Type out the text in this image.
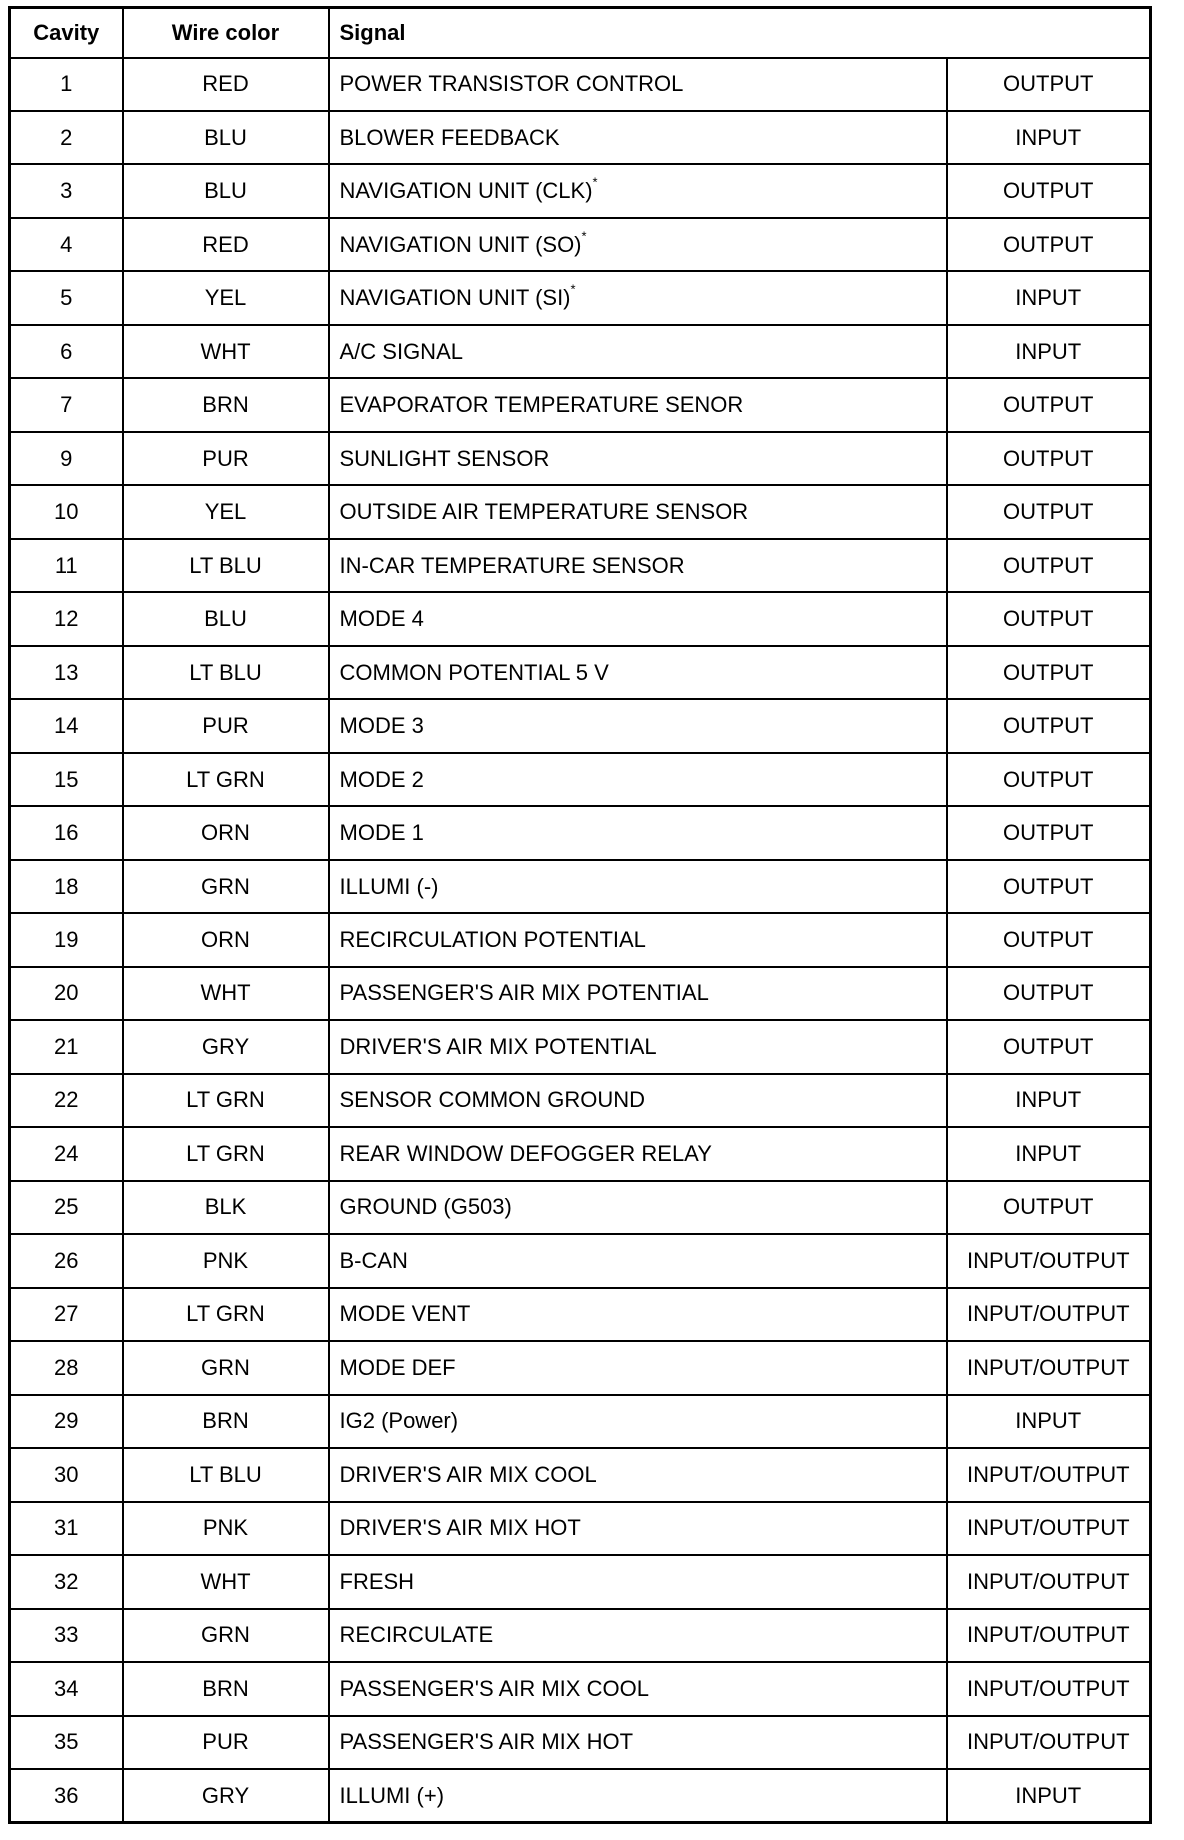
Cavity	Wire color	Signal	
1	RED	POWER TRANSISTOR CONTROL	OUTPUT
2	BLU	BLOWER FEEDBACK	INPUT
3	BLU	NAVIGATION UNIT (CLK)*	OUTPUT
4	RED	NAVIGATION UNIT (SO)*	OUTPUT
5	YEL	NAVIGATION UNIT (SI)*	INPUT
6	WHT	A/C SIGNAL	INPUT
7	BRN	EVAPORATOR TEMPERATURE SENOR	OUTPUT
9	PUR	SUNLIGHT SENSOR	OUTPUT
10	YEL	OUTSIDE AIR TEMPERATURE SENSOR	OUTPUT
11	LT BLU	IN-CAR TEMPERATURE SENSOR	OUTPUT
12	BLU	MODE 4	OUTPUT
13	LT BLU	COMMON POTENTIAL 5 V	OUTPUT
14	PUR	MODE 3	OUTPUT
15	LT GRN	MODE 2	OUTPUT
16	ORN	MODE 1	OUTPUT
18	GRN	ILLUMI (-)	OUTPUT
19	ORN	RECIRCULATION POTENTIAL	OUTPUT
20	WHT	PASSENGER'S AIR MIX POTENTIAL	OUTPUT
21	GRY	DRIVER'S AIR MIX POTENTIAL	OUTPUT
22	LT GRN	SENSOR COMMON GROUND	INPUT
24	LT GRN	REAR WINDOW DEFOGGER RELAY	INPUT
25	BLK	GROUND (G503)	OUTPUT
26	PNK	B-CAN	INPUT/OUTPUT
27	LT GRN	MODE VENT	INPUT/OUTPUT
28	GRN	MODE DEF	INPUT/OUTPUT
29	BRN	IG2 (Power)	INPUT
30	LT BLU	DRIVER'S AIR MIX COOL	INPUT/OUTPUT
31	PNK	DRIVER'S AIR MIX HOT	INPUT/OUTPUT
32	WHT	FRESH	INPUT/OUTPUT
33	GRN	RECIRCULATE	INPUT/OUTPUT
34	BRN	PASSENGER'S AIR MIX COOL	INPUT/OUTPUT
35	PUR	PASSENGER'S AIR MIX HOT	INPUT/OUTPUT
36	GRY	ILLUMI (+)	INPUT
